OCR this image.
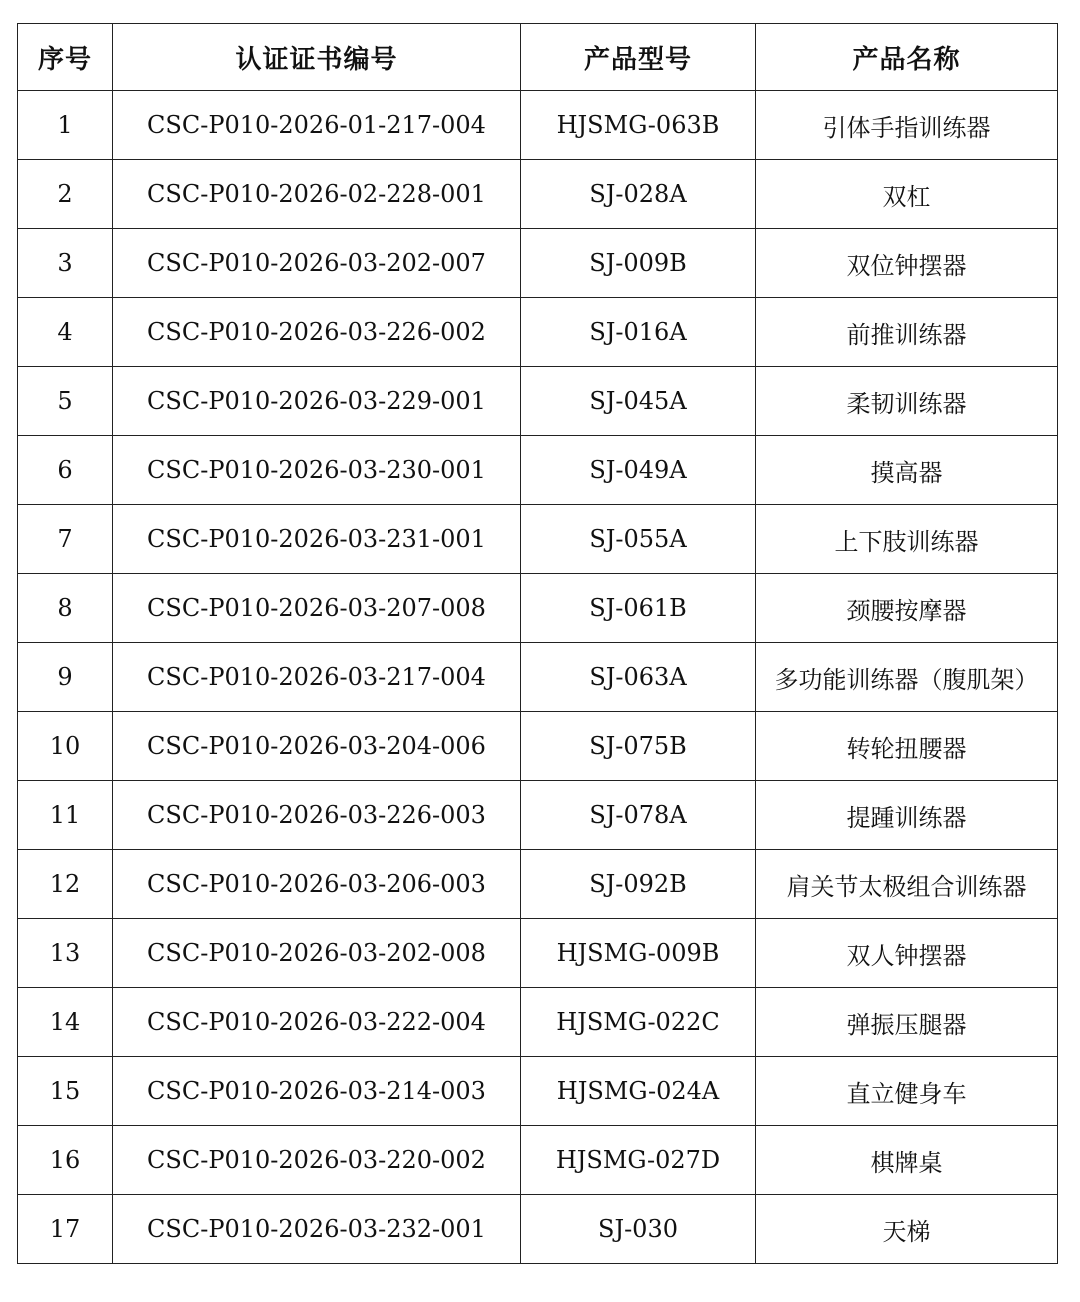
序号	认证证书编号	产品型号	产品名称
1	CSC-P010-2026-01-217-004	HJSMG-063B	引体手指训练器
2	CSC-P010-2026-02-228-001	SJ-028A	双杠
3	CSC-P010-2026-03-202-007	SJ-009B	双位钟摆器
4	CSC-P010-2026-03-226-002	SJ-016A	前推训练器
5	CSC-P010-2026-03-229-001	SJ-045A	柔韧训练器
6	CSC-P010-2026-03-230-001	SJ-049A	摸高器
7	CSC-P010-2026-03-231-001	SJ-055A	上下肢训练器
8	CSC-P010-2026-03-207-008	SJ-061B	颈腰按摩器
9	CSC-P010-2026-03-217-004	SJ-063A	多功能训练器（腹肌架）
10	CSC-P010-2026-03-204-006	SJ-075B	转轮扭腰器
11	CSC-P010-2026-03-226-003	SJ-078A	提踵训练器
12	CSC-P010-2026-03-206-003	SJ-092B	肩关节太极组合训练器
13	CSC-P010-2026-03-202-008	HJSMG-009B	双人钟摆器
14	CSC-P010-2026-03-222-004	HJSMG-022C	弹振压腿器
15	CSC-P010-2026-03-214-003	HJSMG-024A	直立健身车
16	CSC-P010-2026-03-220-002	HJSMG-027D	棋牌桌
17	CSC-P010-2026-03-232-001	SJ-030	天梯
